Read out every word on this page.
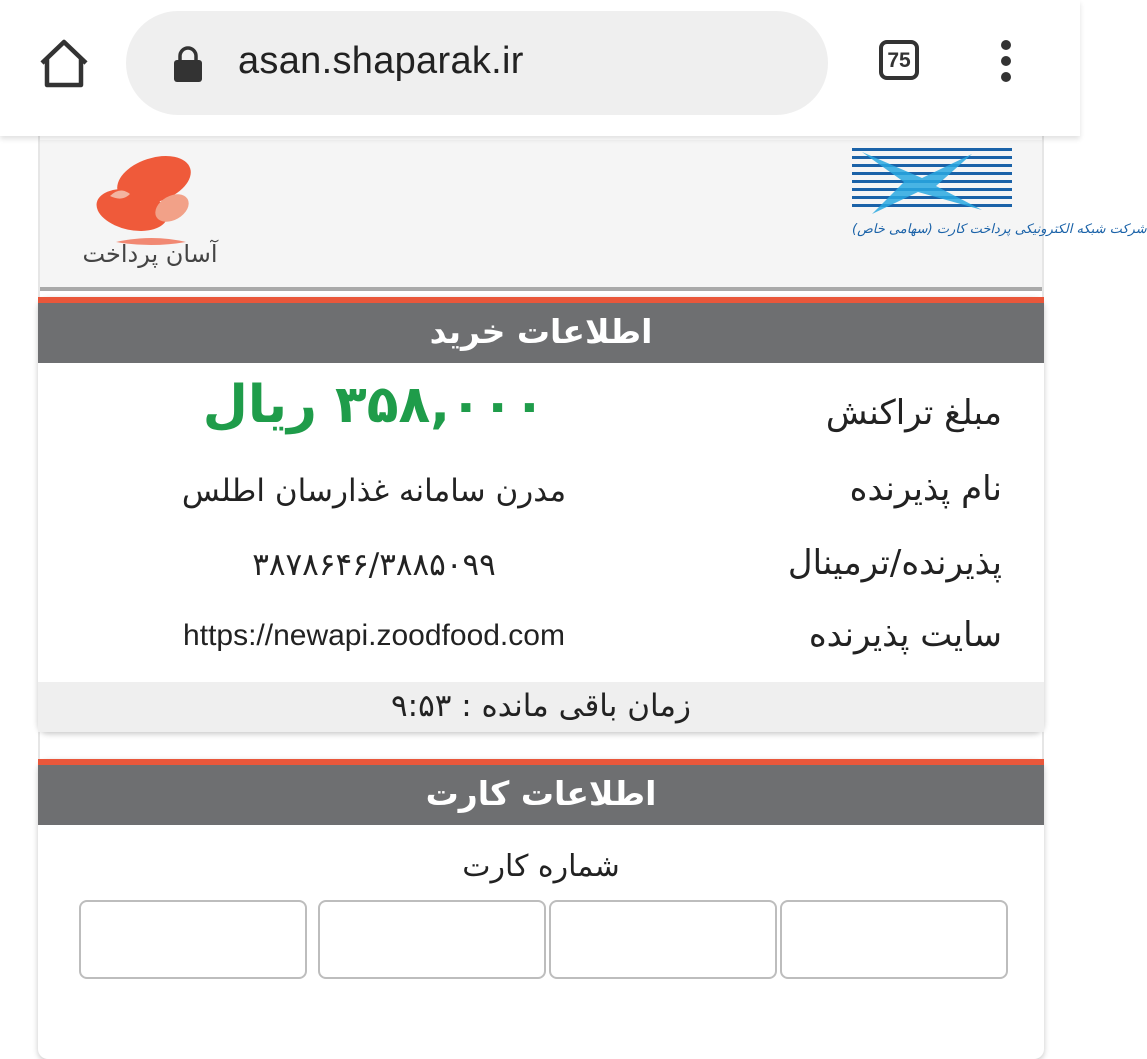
asan.shaparak.ir	75
آسان پرداخت
شرکت شبکه الکترونیکی پرداخت کارت (سهامی خاص)
اطلاعات خرید
مبلغ تراکنش
۳۵۸,۰۰۰ ریال
نام پذیرنده
مدرن سامانه غذارسان اطلس
پذیرنده/ترمینال
۳۸۷۸۶۴۶/۳۸۸۵۰۹۹
سایت پذیرنده
https://newapi.zoodfood.com
زمان باقی مانده : ۹:۵۳
اطلاعات کارت
شماره کارت
